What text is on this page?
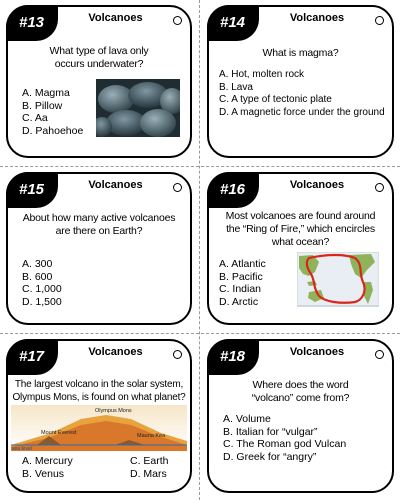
#13	Volcanoes
What type of lava only
occurs underwater?
A. Magma
B. Pillow
C. Aa
D. Pahoehoe
#14	Volcanoes
What is magma?
A. Hot, molten rock
B. Lava
C. A type of tectonic plate
D. A magnetic force under the ground
#15	Volcanoes
About how many active volcanoes
are there on Earth?
A. 300
B. 600
C. 1,000
D. 1,500
#16	Volcanoes
Most volcanoes are found around
the “Ring of Fire,” which encircles
what ocean?
A. Atlantic
B. Pacific
C. Indian
D. Arctic
#17	Volcanoes
The largest volcano in the solar system,
Olympus Mons, is found on what planet?
Olympus Mons
Mount Everest	Mauna Kea
sea level
A. Mercury
B. Venus
C. Earth
D. Mars
#18	Volcanoes
Where does the word
“volcano” come from?
A. Volume
B. Italian for “vulgar”
C. The Roman god Vulcan
D. Greek for “angry”
